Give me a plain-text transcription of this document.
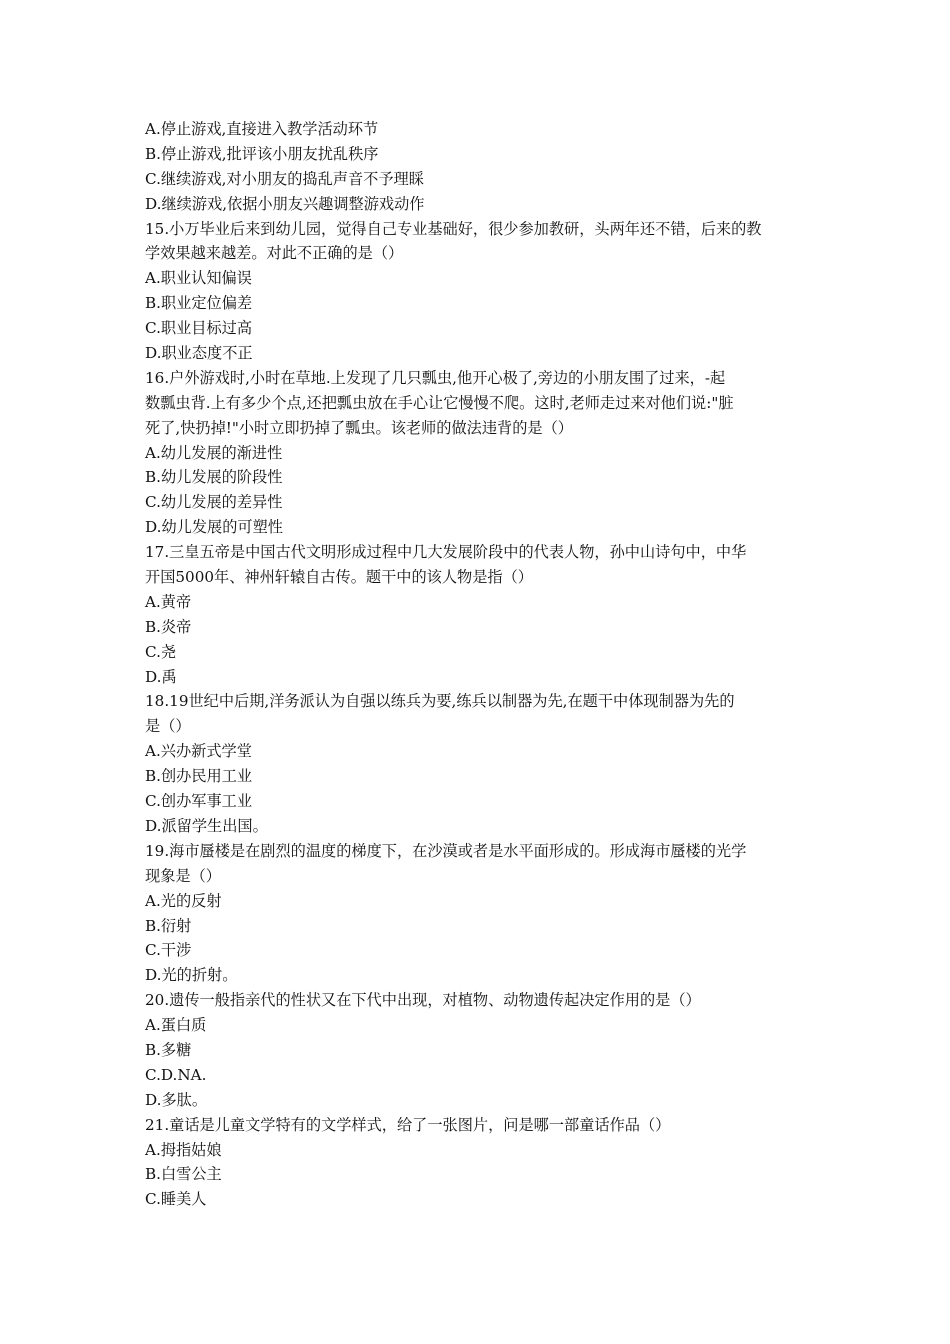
A.停止游戏,直接进入教学活动环节
B.停止游戏,批评该小朋友扰乱秩序
C.继续游戏,对小朋友的捣乱声音不予理睬
D.继续游戏,依据小朋友兴趣调整游戏动作
15.小万毕业后来到幼儿园，觉得自己专业基础好，很少参加教研，头两年还不错，后来的教
学效果越来越差。对此不正确的是（）
A.职业认知偏误
B.职业定位偏差
C.职业目标过高
D.职业态度不正
16.户外游戏时,小时在草地.上发现了几只瓢虫,他开心极了,旁边的小朋友围了过来，-起
数瓢虫背.上有多少个点,还把瓢虫放在手心让它慢慢不爬。这时,老师走过来对他们说:"脏
死了,快扔掉!"小时立即扔掉了瓢虫。该老师的做法违背的是（）
A.幼儿发展的渐进性
B.幼儿发展的阶段性
C.幼儿发展的差异性
D.幼儿发展的可塑性
17.三皇五帝是中国古代文明形成过程中几大发展阶段中的代表人物，孙中山诗句中，中华
开国5000年、神州轩辕自古传。题干中的该人物是指（）
A.黄帝
B.炎帝
C.尧
D.禹
18.19世纪中后期,洋务派认为自强以练兵为要,练兵以制器为先,在题干中体现制器为先的
是（）
A.兴办新式学堂
B.创办民用工业
C.创办军事工业
D.派留学生出国。
19.海市蜃楼是在剧烈的温度的梯度下，在沙漠或者是水平面形成的。形成海市蜃楼的光学
现象是（）
A.光的反射
B.衍射
C.干涉
D.光的折射。
20.遗传一般指亲代的性状又在下代中出现，对植物、动物遗传起决定作用的是（）
A.蛋白质
B.多糖
C.D.NA.
D.多肽。
21.童话是儿童文学特有的文学样式，给了一张图片，问是哪一部童话作品（）
A.拇指姑娘
B.白雪公主
C.睡美人
